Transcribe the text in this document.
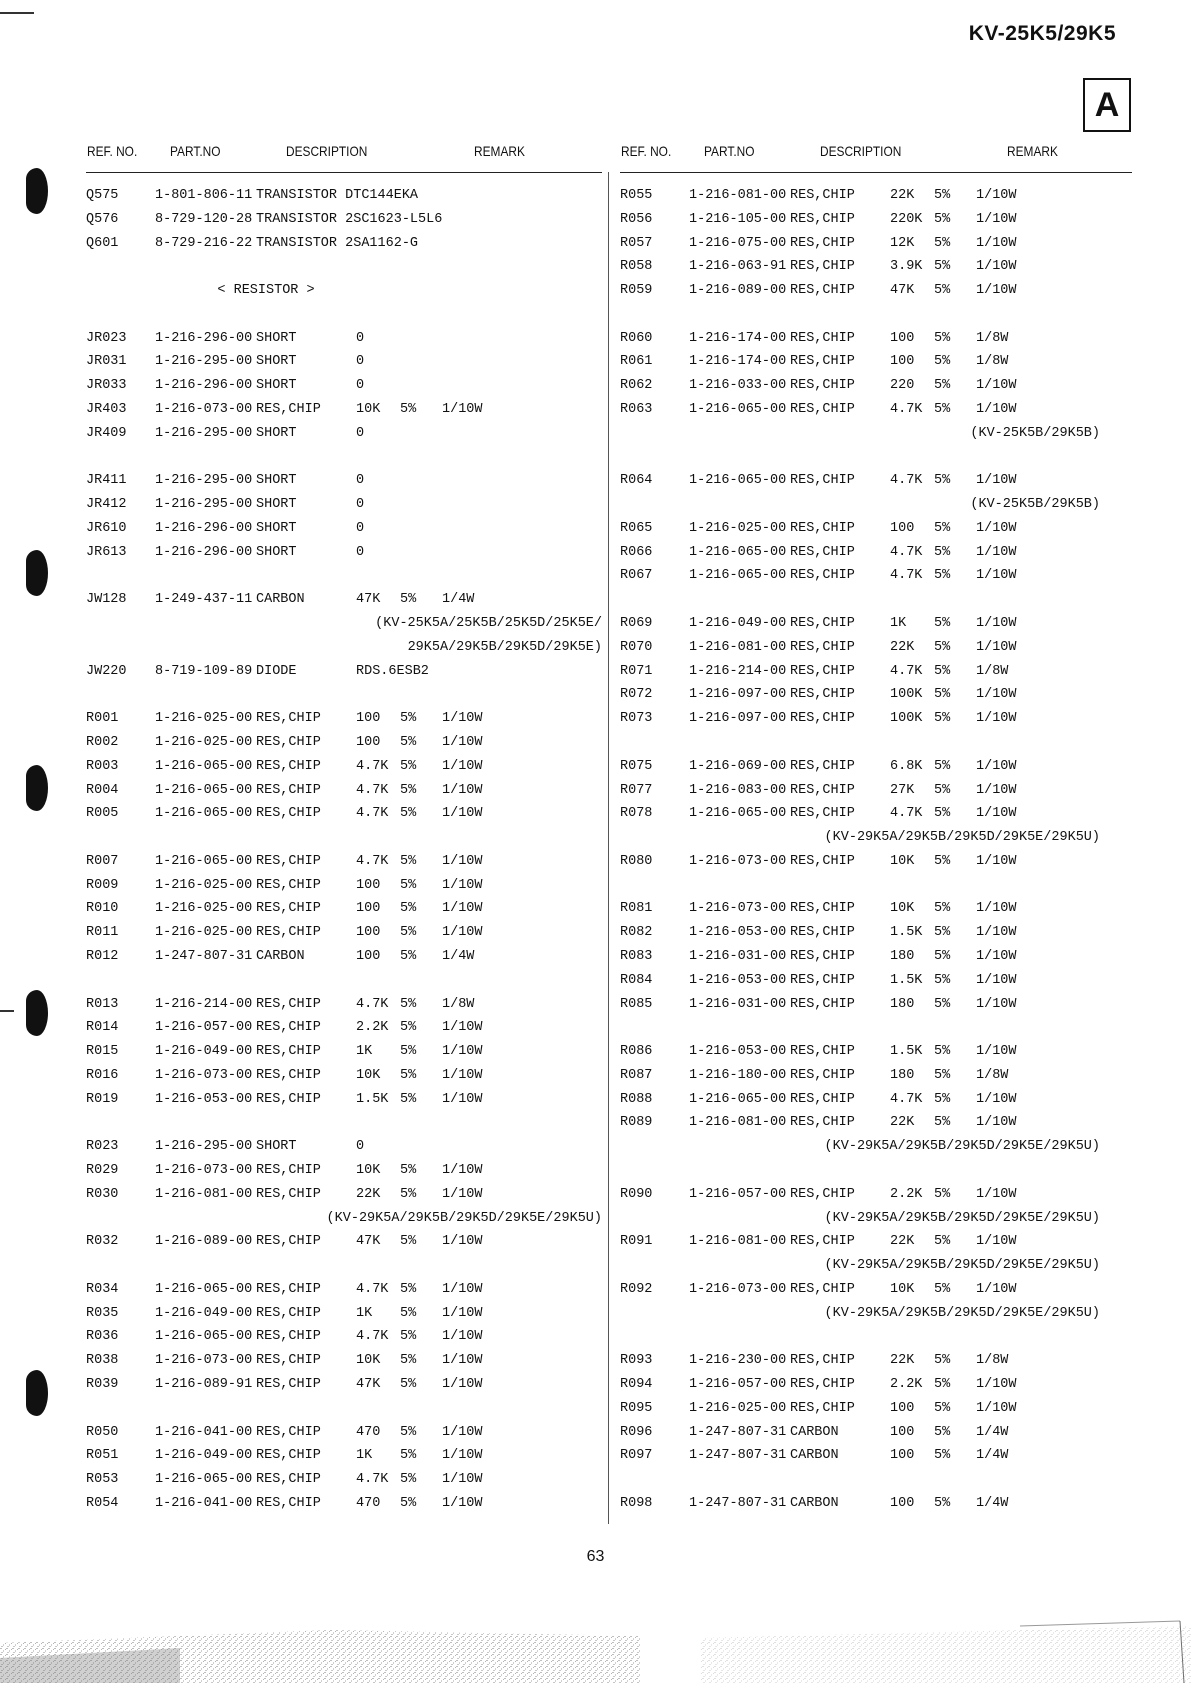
KV-25K5/29K5
A
REF. NO. PART.NO	DESCRIPTION	REMARK	REF. NO. PART.NO	DESCRIPTION	REMARK
Q575	1-801-806-11 TRANSISTOR DTC144EKA
Q576	8-729-120-28 TRANSISTOR 2SC1623-L5L6
Q601	8-729-216-22 TRANSISTOR 2SA1162-G
< RESISTOR >
JR023 1-216-296-00 SHORT	0
JR031 1-216-295-00 SHORT	0
JR033 1-216-296-00 SHORT	0
JR403 1-216-073-00 RES,CHIP	10K 5% 1/10W
JR409 1-216-295-00 SHORT	0
JR411 1-216-295-00 SHORT	0
JR412 1-216-295-00 SHORT	0
JR610 1-216-296-00 SHORT	0
JR613 1-216-296-00 SHORT	0
JW128 1-249-437-11 CARBON	47K 5% 1/4W
(KV-25K5A/25K5B/25K5D/25K5E/
29K5A/29K5B/29K5D/29K5E)
JW220 8-719-109-89 DIODE	RDS.6ESB2
R001	1-216-025-00 RES,CHIP	100 5% 1/10W
R002	1-216-025-00 RES,CHIP	100 5% 1/10W
R003	1-216-065-00 RES,CHIP	4.7K 5% 1/10W
R004	1-216-065-00 RES,CHIP	4.7K 5% 1/10W
R005	1-216-065-00 RES,CHIP	4.7K 5% 1/10W
R007	1-216-065-00 RES,CHIP	4.7K 5% 1/10W
R009	1-216-025-00 RES,CHIP	100 5% 1/10W
R010	1-216-025-00 RES,CHIP	100 5% 1/10W
R011	1-216-025-00 RES,CHIP	100 5% 1/10W
R012	1-247-807-31 CARBON	100 5% 1/4W
R013	1-216-214-00 RES,CHIP	4.7K 5% 1/8W
R014	1-216-057-00 RES,CHIP	2.2K 5% 1/10W
R015	1-216-049-00 RES,CHIP	1K 5% 1/10W
R016	1-216-073-00 RES,CHIP	10K 5% 1/10W
R019	1-216-053-00 RES,CHIP	1.5K 5% 1/10W
R023	1-216-295-00 SHORT	0
R029	1-216-073-00 RES,CHIP	10K 5% 1/10W
R030	1-216-081-00 RES,CHIP	22K 5% 1/10W
(KV-29K5A/29K5B/29K5D/29K5E/29K5U)
R032	1-216-089-00 RES,CHIP	47K 5% 1/10W
R034	1-216-065-00 RES,CHIP	4.7K 5% 1/10W
R035	1-216-049-00 RES,CHIP	1K 5% 1/10W
R036	1-216-065-00 RES,CHIP	4.7K 5% 1/10W
R038	1-216-073-00 RES,CHIP	10K 5% 1/10W
R039	1-216-089-91 RES,CHIP	47K 5% 1/10W
R050	1-216-041-00 RES,CHIP	470 5% 1/10W
R051	1-216-049-00 RES,CHIP	1K 5% 1/10W
R053	1-216-065-00 RES,CHIP	4.7K 5% 1/10W
R054	1-216-041-00 RES,CHIP	470 5% 1/10W
R055	1-216-081-00 RES,CHIP	22K 5% 1/10W
R056	1-216-105-00 RES,CHIP	220K 5% 1/10W
R057	1-216-075-00 RES,CHIP	12K 5% 1/10W
R058	1-216-063-91 RES,CHIP	3.9K 5% 1/10W
R059	1-216-089-00 RES,CHIP	47K 5% 1/10W
R060	1-216-174-00 RES,CHIP	100 5% 1/8W
R061	1-216-174-00 RES,CHIP	100 5% 1/8W
R062	1-216-033-00 RES,CHIP	220 5% 1/10W
R063	1-216-065-00 RES,CHIP	4.7K 5% 1/10W
(KV-25K5B/29K5B)
R064	1-216-065-00 RES,CHIP	4.7K 5% 1/10W
(KV-25K5B/29K5B)
R065	1-216-025-00 RES,CHIP	100 5% 1/10W
R066	1-216-065-00 RES,CHIP	4.7K 5% 1/10W
R067	1-216-065-00 RES,CHIP	4.7K 5% 1/10W
R069	1-216-049-00 RES,CHIP	1K 5% 1/10W
R070	1-216-081-00 RES,CHIP	22K 5% 1/10W
R071	1-216-214-00 RES,CHIP	4.7K 5% 1/8W
R072	1-216-097-00 RES,CHIP	100K 5% 1/10W
R073	1-216-097-00 RES,CHIP	100K 5% 1/10W
R075	1-216-069-00 RES,CHIP	6.8K 5% 1/10W
R077	1-216-083-00 RES,CHIP	27K 5% 1/10W
R078	1-216-065-00 RES,CHIP	4.7K 5% 1/10W
(KV-29K5A/29K5B/29K5D/29K5E/29K5U)
R080	1-216-073-00 RES,CHIP	10K 5% 1/10W
R081	1-216-073-00 RES,CHIP	10K 5% 1/10W
R082	1-216-053-00 RES,CHIP	1.5K 5% 1/10W
R083	1-216-031-00 RES,CHIP	180 5% 1/10W
R084	1-216-053-00 RES,CHIP	1.5K 5% 1/10W
R085	1-216-031-00 RES,CHIP	180 5% 1/10W
R086	1-216-053-00 RES,CHIP	1.5K 5% 1/10W
R087	1-216-180-00 RES,CHIP	180 5% 1/8W
R088	1-216-065-00 RES,CHIP	4.7K 5% 1/10W
R089	1-216-081-00 RES,CHIP	22K 5% 1/10W
(KV-29K5A/29K5B/29K5D/29K5E/29K5U)
R090	1-216-057-00 RES,CHIP	2.2K 5% 1/10W
(KV-29K5A/29K5B/29K5D/29K5E/29K5U)
R091	1-216-081-00 RES,CHIP	22K 5% 1/10W
(KV-29K5A/29K5B/29K5D/29K5E/29K5U)
R092	1-216-073-00 RES,CHIP	10K 5% 1/10W
(KV-29K5A/29K5B/29K5D/29K5E/29K5U)
R093	1-216-230-00 RES,CHIP	22K 5% 1/8W
R094	1-216-057-00 RES,CHIP	2.2K 5% 1/10W
R095	1-216-025-00 RES,CHIP	100 5% 1/10W
R096	1-247-807-31 CARBON	100 5% 1/4W
R097	1-247-807-31 CARBON	100 5% 1/4W
R098	1-247-807-31 CARBON	100 5% 1/4W
63
